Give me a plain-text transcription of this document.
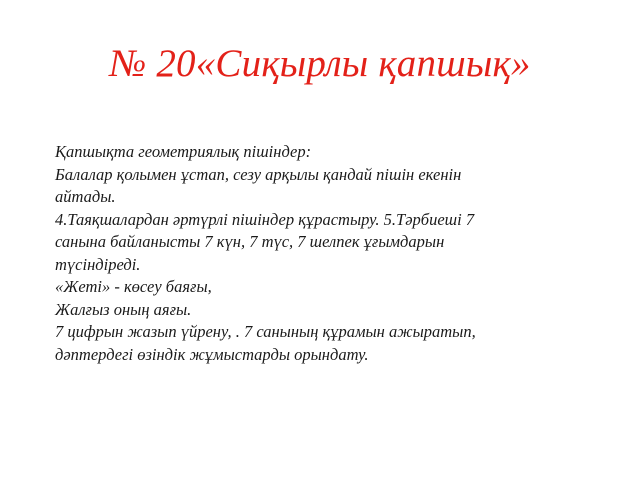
№ 20«Сиқырлы қапшық»
Қапшықта геометриялық пішіндер:
Балалар қолымен ұстап, сезу арқылы қандай пішін екенін
айтады.
4.Таяқшалардан әртүрлі пішіндер құрастыру. 5.Тәрбиеші 7
санына байланысты 7 күн, 7 түс, 7 шелпек ұғымдарын
түсіндіреді.
«Жеті» - көсеу баяғы,
Жалғыз оның аяғы.
7 цифрын жазып үйрену, . 7 санының құрамын ажыратып,
дәптердегі өзіндік жұмыстарды орындату.
